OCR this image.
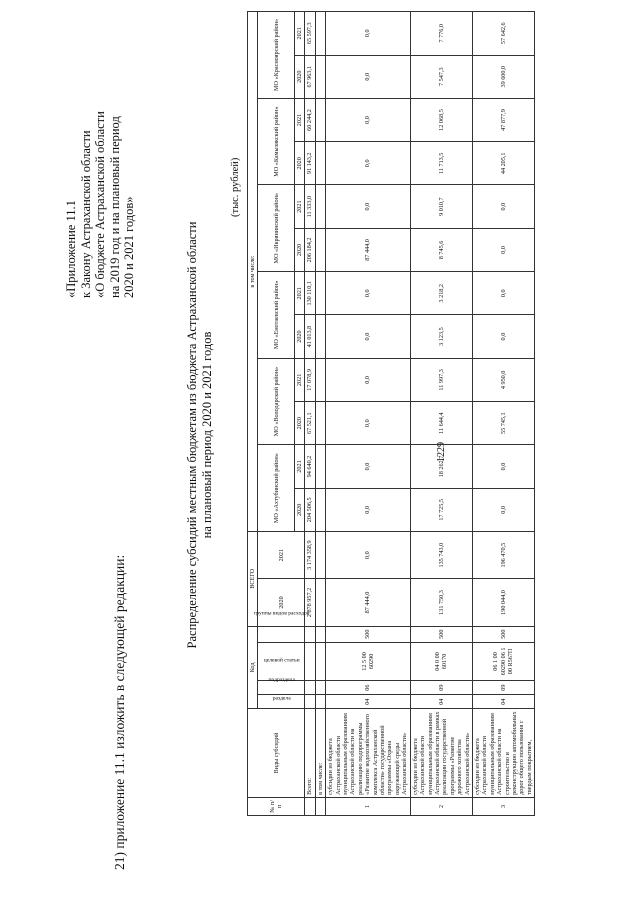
1229
21) приложение 11.1 изложить в следующей редакции:
«Приложение 11.1 к Закону Астраханской области «О бюджете Астраханской области на 2019 год и на плановый период 2020 и 2021 годов»	Распределение субсидий местным бюджетам из бюджета Астраханской области на плановый период 2020 и 2021 годов
(тыс. рублей)
№ п/п	Виды субсидий	Код				ВСЕГО		в том числе:											
		раздела	подраздела	целевой статьи	группы видов расходов			МО «Ахтубинский район»		МО «Володарский район»		МО «Енотаевский район»		МО «Икрянинский район»		МО «Камызякский район»		МО «Красноярский район»	
						2020	2021												
								2020	2021	2020	2021	2020	2021	2020	2021	2020	2021	2020	2021
	Всего:					2 878 957,2	3 174 358,9	204 506,5	94 640,2	67 521,1	17 078,9	41 013,8	130 110,1	206 184,2	11 333,0	91 143,2	60 244,2	67 963,1	65 597,3
	в том числе:																		
1	субсидии из бюджета Астраханской области муниципальным образованиям Астраханской области на реализацию подпрограммы «Развитие водохозяйственного комплекса Астраханской области» государственной программы «Охрана окружающей среды Астраханской области»	04	06	12 5 00 60290	500	87 444,0	0,0	0,0	0,0	0,0	0,0	0,0	0,0	87 444,0	0,0	0,0	0,0	0,0	0,0
2	субсидии из бюджета Астраханской области муниципальным образованиям Астраханской области в рамках реализации государственной программы «Развитие дорожного хозяйства Астраханской области»	04	09	04 0 00 60170	500	131 750,3	135 743,0	17 725,5	18 262,7	11 644,4	11 997,3	3 123,5	3 218,2	8 745,6	9 010,7	11 713,5	12 068,5	7 547,3	7 776,0
3	субсидии из бюджета Астраханской области муниципальным образованиям Астраханской области на строительство и реконструкцию автомобильных дорог общего пользования с твердым покрытием,	04	09	06 1 00 60290 06 1 00 R567П	500	190 044,0	196 470,5	0,0	0,0	55 745,1	4 950,0	0,0	0,0	0,0	0,0	44 205,1	47 877,9	39 600,0	57 642,6
